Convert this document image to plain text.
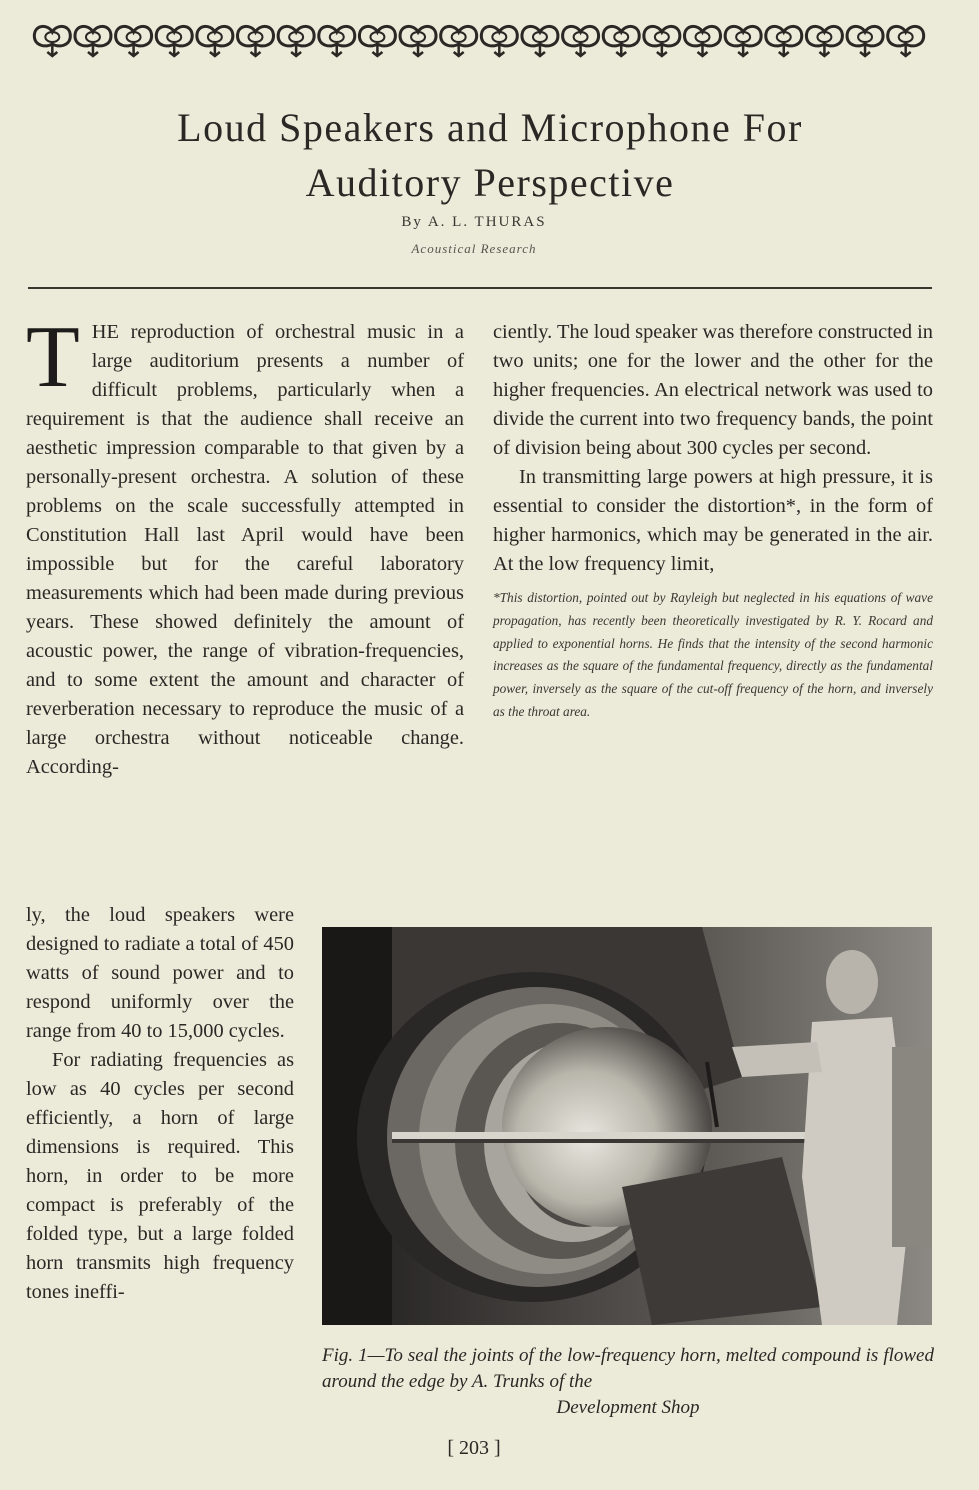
Loud Speakers and Microphone For
Auditory Perspective
By A. L. THURAS
Acoustical Research

THE reproduction of orchestral music in a large auditorium presents a number of difficult problems, particularly when a requirement is that the audience shall receive an aesthetic impression comparable to that given by a personally-present orchestra. A solution of these problems on the scale successfully attempted in Constitution Hall last April would have been impossible but for the careful laboratory measurements which had been made during previous years. These showed definitely the amount of acoustic power, the range of vibration-frequencies, and to some extent the amount and character of reverberation necessary to reproduce the music of a large orchestra without noticeable change. According-

ly, the loud speakers were designed to radiate a total of 450 watts of sound power and to respond uniformly over the range from 40 to 15,000 cycles.

For radiating frequencies as low as 40 cycles per second efficiently, a horn of large dimensions is required. This horn, in order to be more compact is preferably of the folded type, but a large folded horn transmits high frequency tones ineffi-

ciently. The loud speaker was therefore constructed in two units; one for the lower and the other for the higher frequencies. An electrical network was used to divide the current into two frequency bands, the point of division being about 300 cycles per second.

In transmitting large powers at high pressure, it is essential to consider the distortion*, in the form of higher harmonics, which may be generated in the air. At the low frequency limit,

*This distortion, pointed out by Rayleigh but neglected in his equations of wave propagation, has recently been theoretically investigated by R. Y. Rocard and applied to exponential horns. He finds that the intensity of the second harmonic increases as the square of the fundamental frequency, directly as the fundamental power, inversely as the square of the cut-off frequency of the horn, and inversely as the throat area.

Fig. 1—To seal the joints of the low-frequency horn, melted compound is flowed around the edge by A. Trunks of the
Development Shop

[ 203 ]
